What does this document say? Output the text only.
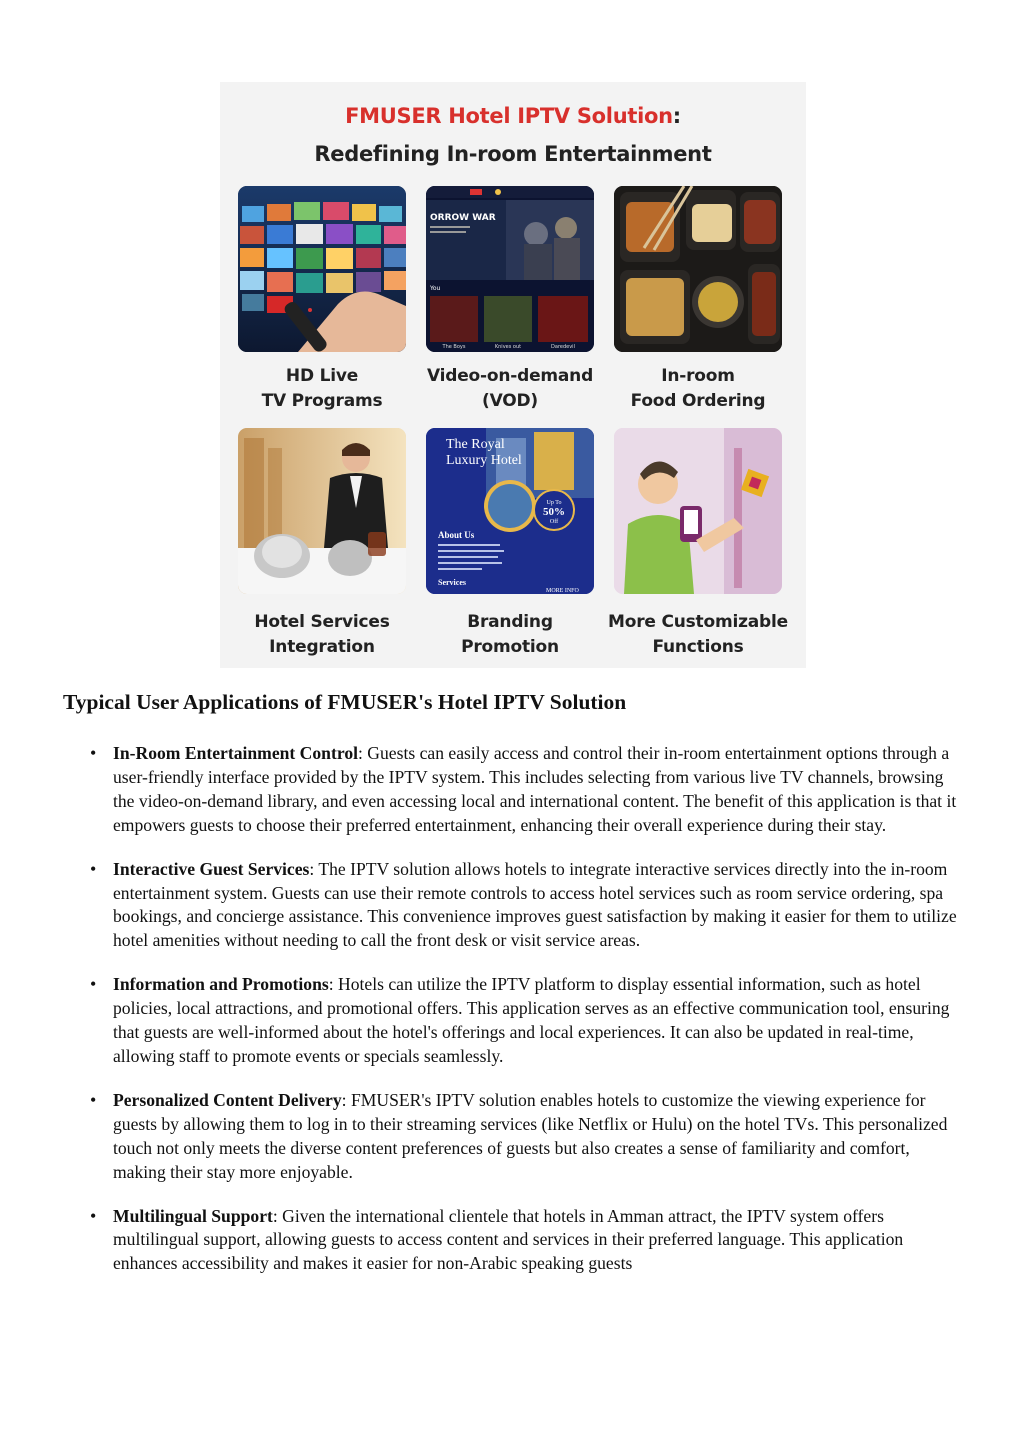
FMUSER Hotel IPTV Solution:
Redefining In-room Entertainment
HD Live
TV Programs
ORROW WAR
You
The Boys	Knives out	Daredevil
Video-on-demand
(VOD)
In-room
Food Ordering
Hotel Services
Integration
The Royal
Luxury Hotel
Up To
50%
Off
About Us
Services
MORE INFO
Branding
Promotion
More Customizable
Functions
Typical User Applications of FMUSER's Hotel IPTV Solution
• In-Room Entertainment Control: Guests can easily access and control their in-room entertainment options through a user-friendly interface provided by the IPTV system. This includes selecting from various live TV channels, browsing the video-on-demand library, and even accessing local and international content. The benefit of this application is that it empowers guests to choose their preferred entertainment, enhancing their overall experience during their stay.
• Interactive Guest Services: The IPTV solution allows hotels to integrate interactive services directly into the in-room entertainment system. Guests can use their remote controls to access hotel services such as room service ordering, spa bookings, and concierge assistance. This convenience improves guest satisfaction by making it easier for them to utilize hotel amenities without needing to call the front desk or visit service areas.
• Information and Promotions: Hotels can utilize the IPTV platform to display essential information, such as hotel policies, local attractions, and promotional offers. This application serves as an effective communication tool, ensuring that guests are well-informed about the hotel's offerings and local experiences. It can also be updated in real-time, allowing staff to promote events or specials seamlessly.
• Personalized Content Delivery: FMUSER's IPTV solution enables hotels to customize the viewing experience for guests by allowing them to log in to their streaming services (like Netflix or Hulu) on the hotel TVs. This personalized touch not only meets the diverse content preferences of guests but also creates a sense of familiarity and comfort, making their stay more enjoyable.
• Multilingual Support: Given the international clientele that hotels in Amman attract, the IPTV system offers multilingual support, allowing guests to access content and services in their preferred language. This application enhances accessibility and makes it easier for non-Arabic speaking guests
